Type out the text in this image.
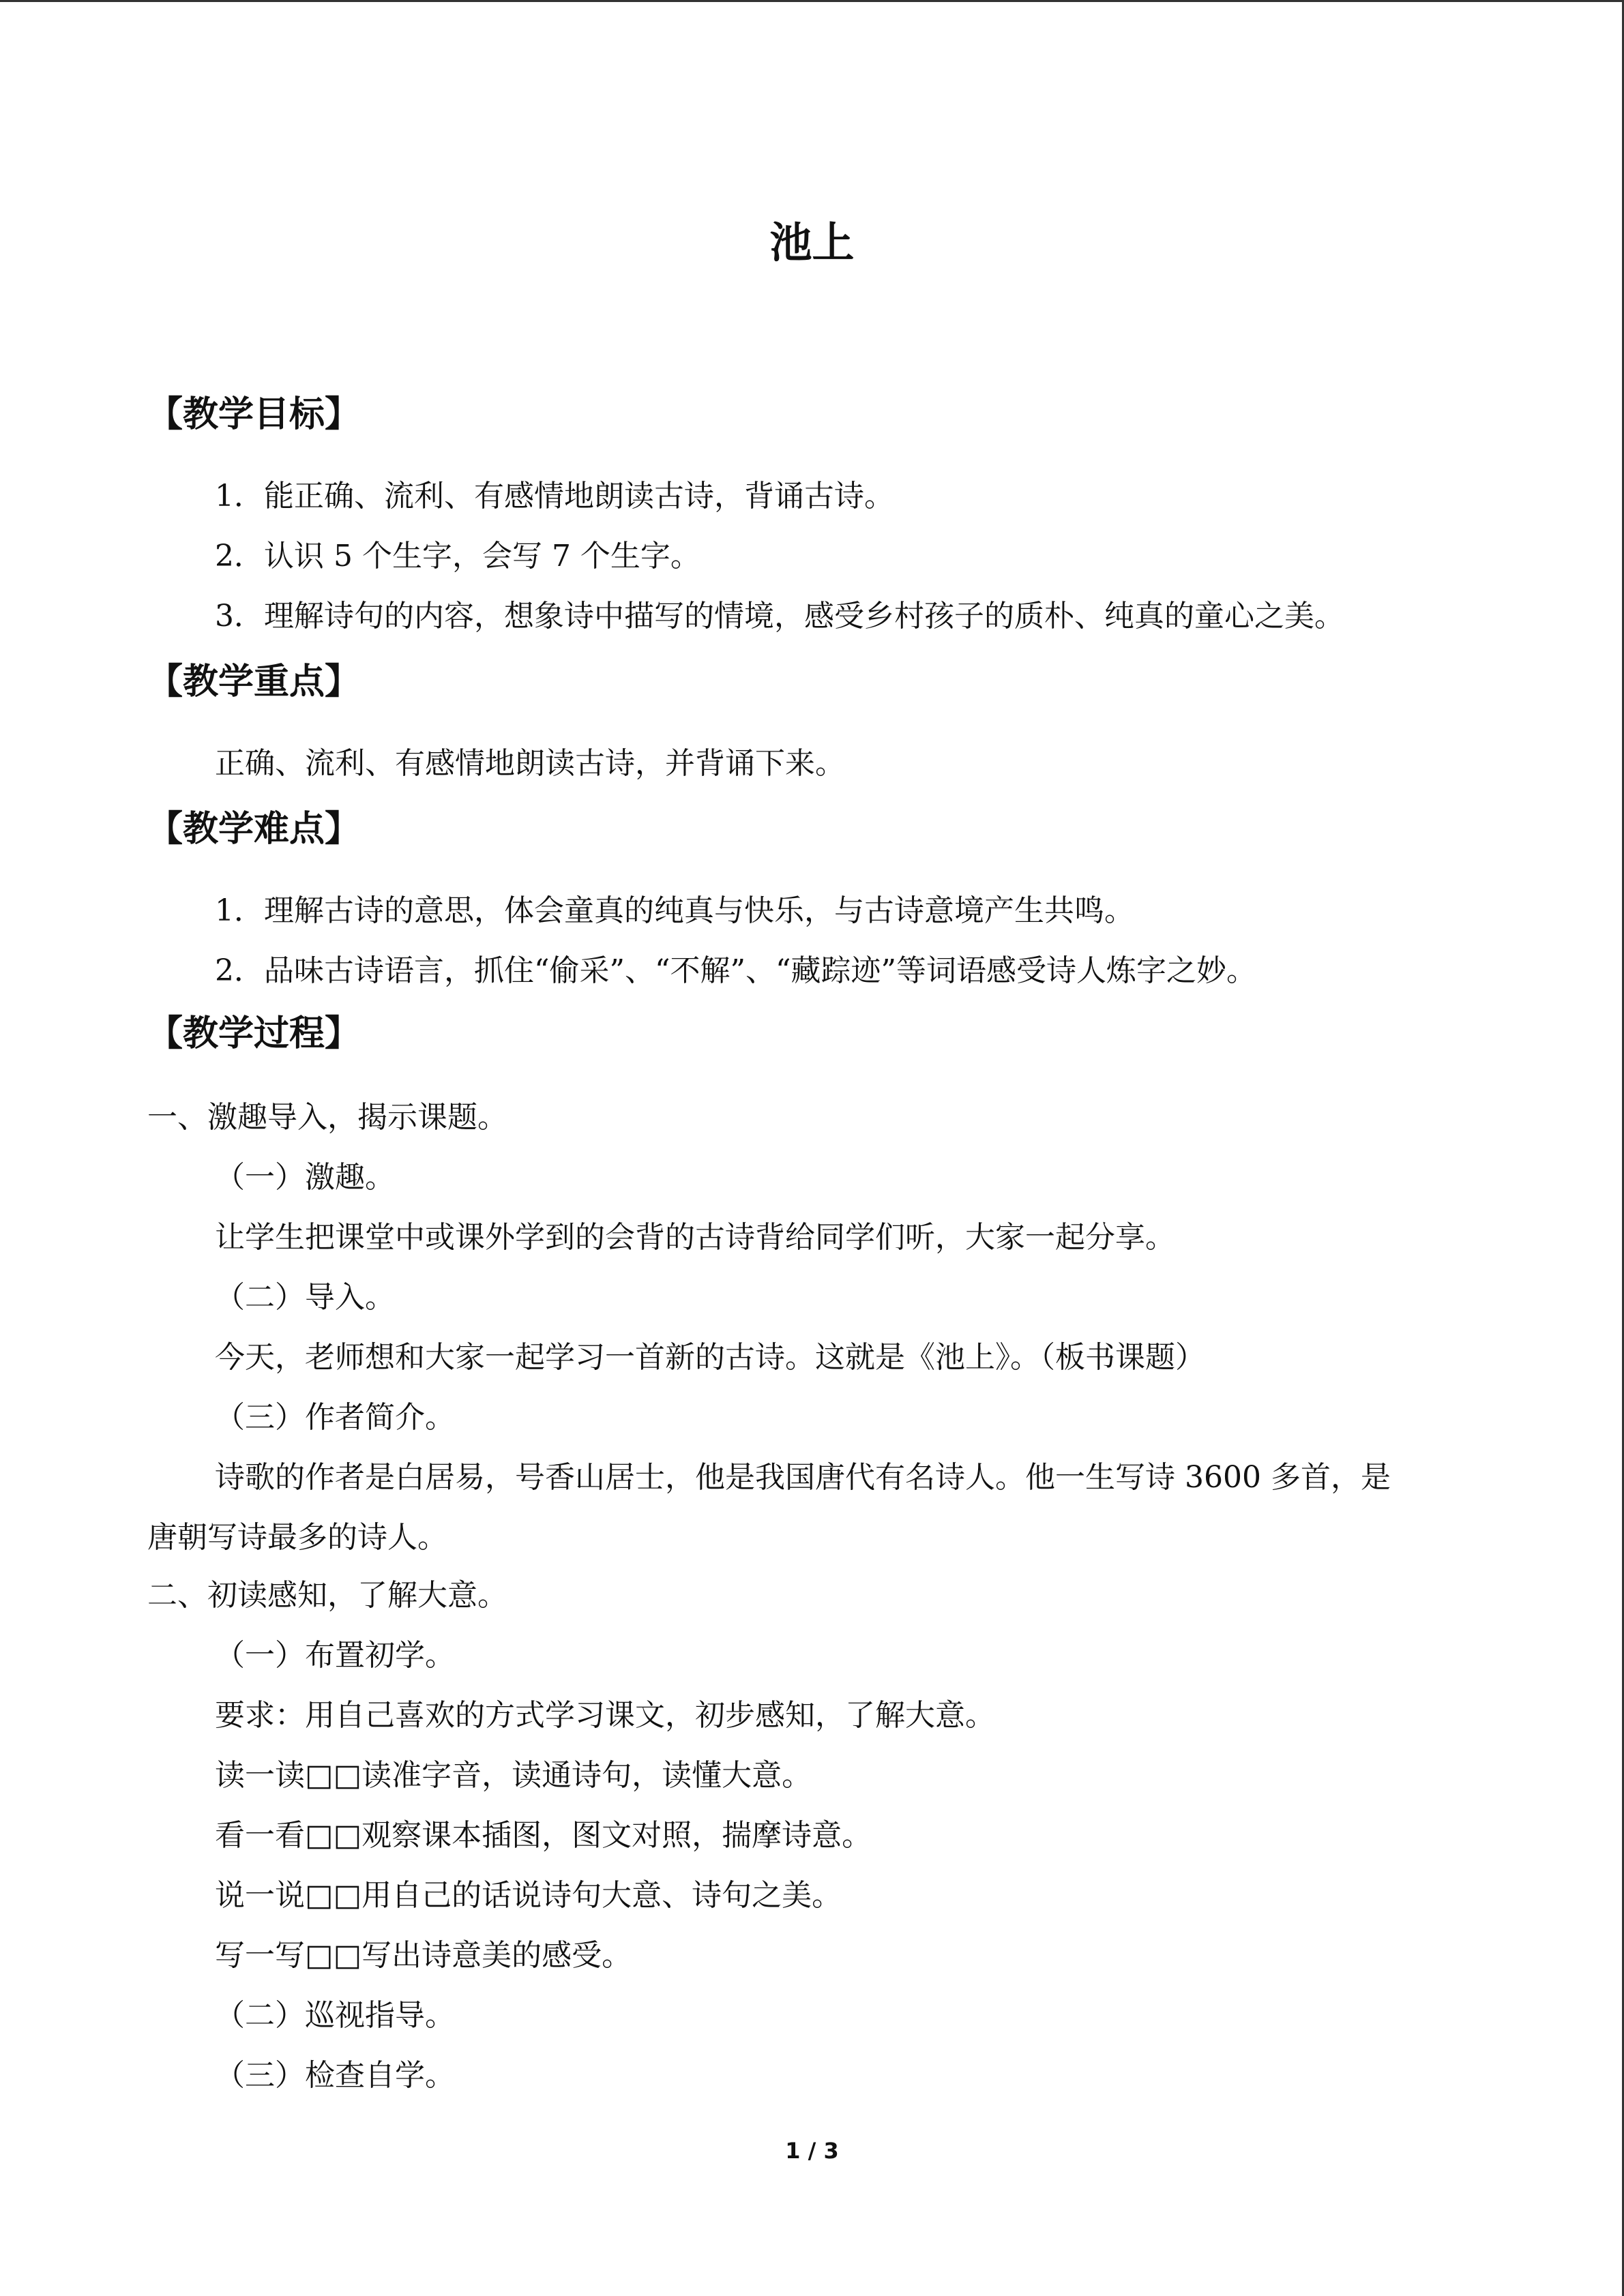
池上
【教学目标】

1．能正确、流利、有感情地朗读古诗，背诵古诗。

2．认识 5 个生字，会写 7 个生字。

3．理解诗句的内容，想象诗中描写的情境，感受乡村孩子的质朴、纯真的童心之美。

【教学重点】

正确、流利、有感情地朗读古诗，并背诵下来。

【教学难点】

1．理解古诗的意思，体会童真的纯真与快乐，与古诗意境产生共鸣。

2．品味古诗语言，抓住“偷采”、“不解”、“藏踪迹”等词语感受诗人炼字之妙。

【教学过程】

一、激趣导入，揭示课题。

（一）激趣。

让学生把课堂中或课外学到的会背的古诗背给同学们听，大家一起分享。

（二）导入。

今天，老师想和大家一起学习一首新的古诗。这就是《池上》。（板书课题）

（三）作者简介。

诗歌的作者是白居易，号香山居士，他是我国唐代有名诗人。他一生写诗 3600 多首，是

唐朝写诗最多的诗人。

二、初读感知，了解大意。

（一）布置初学。

要求：用自己喜欢的方式学习课文，初步感知，了解大意。

读一读□□读准字音，读通诗句，读懂大意。

看一看□□观察课本插图，图文对照，揣摩诗意。

说一说□□用自己的话说诗句大意、诗句之美。

写一写□□写出诗意美的感受。

（二）巡视指导。

（三）检查自学。

1 / 3
